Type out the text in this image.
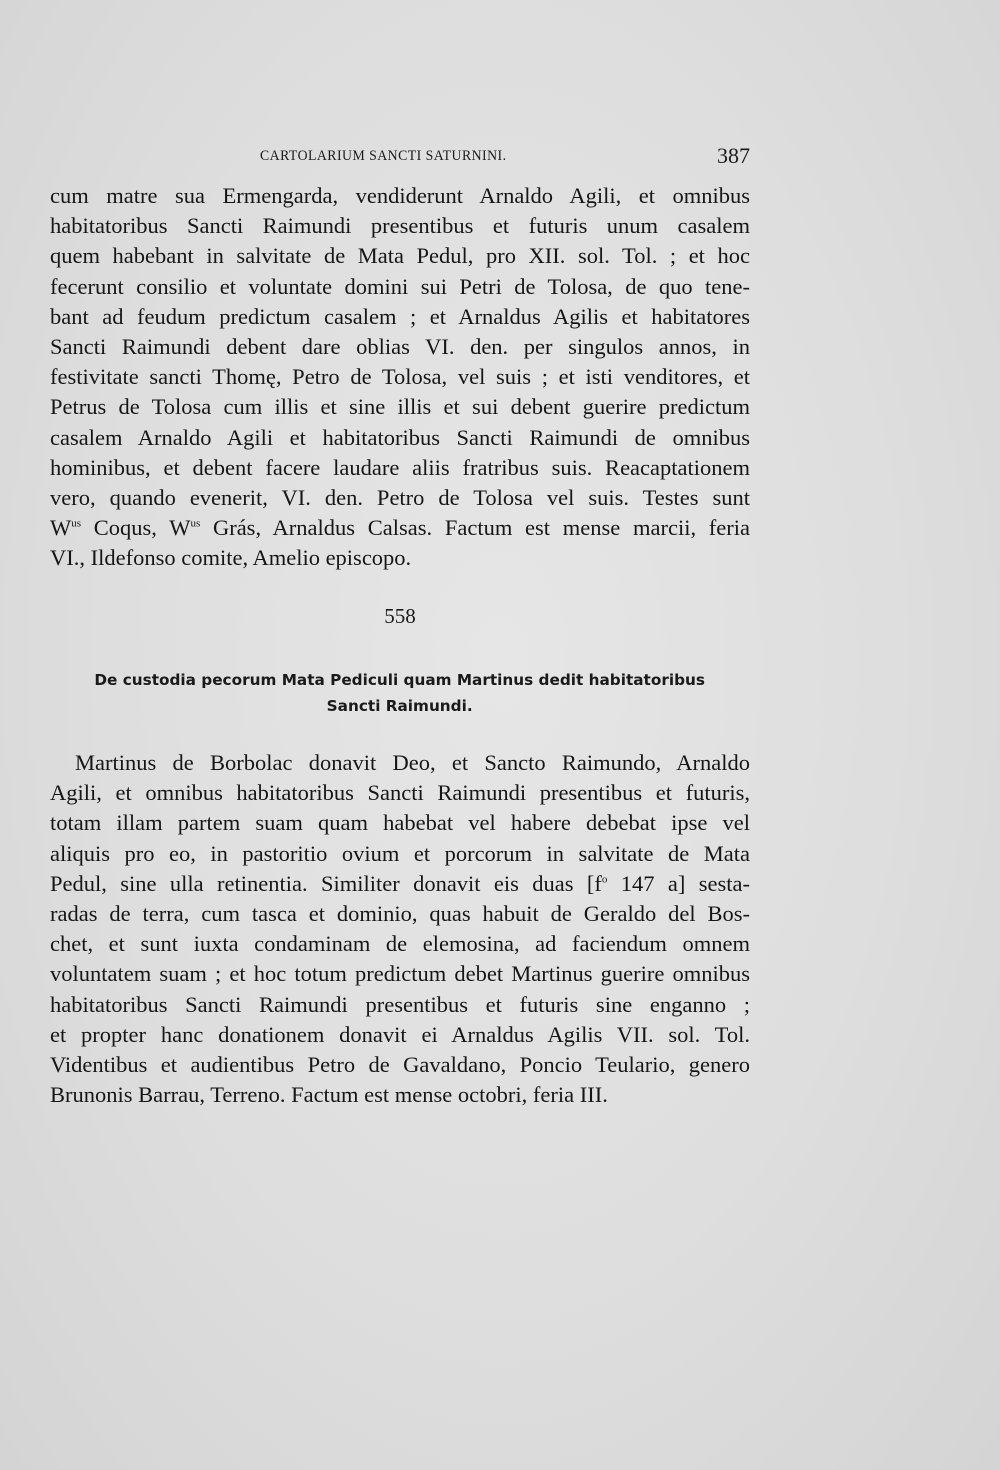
CARTOLARIUM SANCTI SATURNINI.	387

cum matre sua Ermengarda, vendiderunt Arnaldo Agili, et omnibus

habitatoribus Sancti Raimundi presentibus et futuris unum casalem

quem habebant in salvitate de Mata Pedul, pro XII. sol. Tol. ; et hoc

fecerunt consilio et voluntate domini sui Petri de Tolosa, de quo tene-

bant ad feudum predictum casalem ; et Arnaldus Agilis et habitatores

Sancti Raimundi debent dare oblias VI. den. per singulos annos, in

festivitate sancti Thomę, Petro de Tolosa, vel suis ; et isti venditores, et

Petrus de Tolosa cum illis et sine illis et sui debent guerire predictum

casalem Arnaldo Agili et habitatoribus Sancti Raimundi de omnibus

hominibus, et debent facere laudare aliis fratribus suis. Reacaptationem

vero, quando evenerit, VI. den. Petro de Tolosa vel suis. Testes sunt

$W^{us}$ Coqus, $W^{us}$ Grás, Arnaldus Calsas. Factum est mense marcii, feria

VI., Ildefonso comite, Amelio episcopo.

558
De custodia pecorum Mata Pediculi quam Martinus dedit habitatoribus
Sancti Raimundi.

Martinus de Borbolac donavit Deo, et Sancto Raimundo, Arnaldo

Agili, et omnibus habitatoribus Sancti Raimundi presentibus et futuris,

totam illam partem suam quam habebat vel habere debebat ipse vel

aliquis pro eo, in pastoritio ovium et porcorum in salvitate de Mata

Pedul, sine ulla retinentia. Similiter donavit eis duas [$f^o$ 147 a] sesta-

radas de terra, cum tasca et dominio, quas habuit de Geraldo del Bos-

chet, et sunt iuxta condaminam de elemosina, ad faciendum omnem

voluntatem suam ; et hoc totum predictum debet Martinus guerire omnibus

habitatoribus Sancti Raimundi presentibus et futuris sine enganno ;

et propter hanc donationem donavit ei Arnaldus Agilis VII. sol. Tol.

Videntibus et audientibus Petro de Gavaldano, Poncio Teulario, genero

Brunonis Barrau, Terreno. Factum est mense octobri, feria III.
